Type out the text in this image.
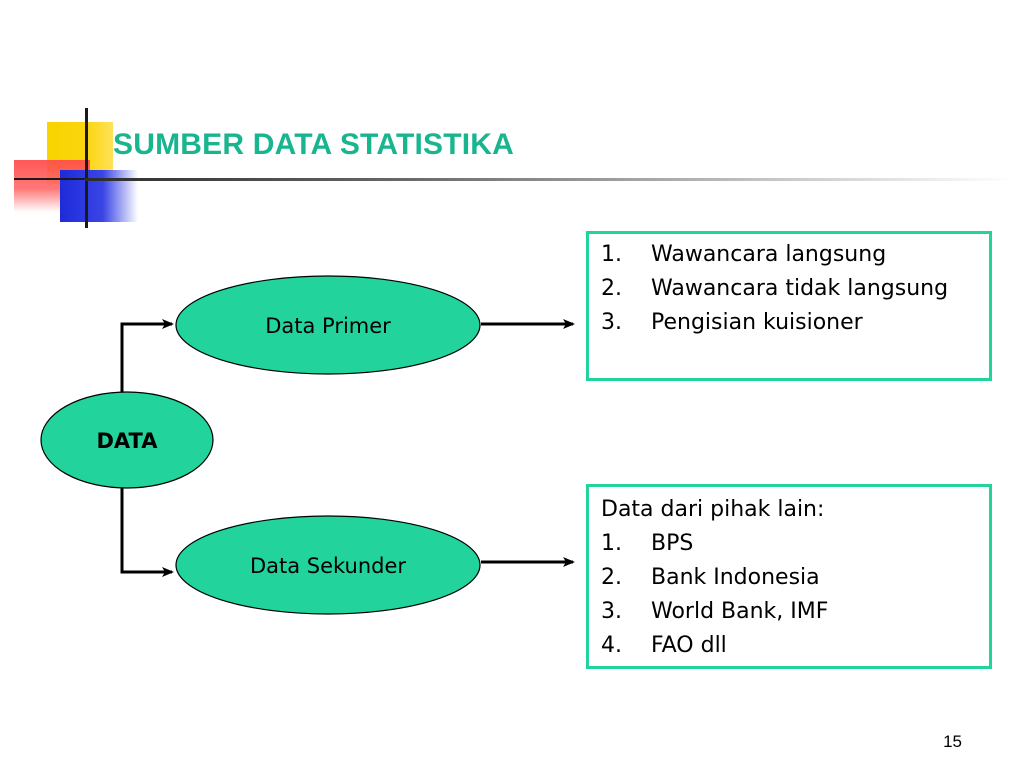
SUMBER DATA STATISTIKA
DATA
Data Primer
Data Sekunder
1.	Wawancara langsung
2.	Wawancara tidak langsung
3.	Pengisian kuisioner

Data dari pihak lain:

1.	BPS
2.	Bank Indonesia
3.	World Bank, IMF
4.	FAO dll
15
